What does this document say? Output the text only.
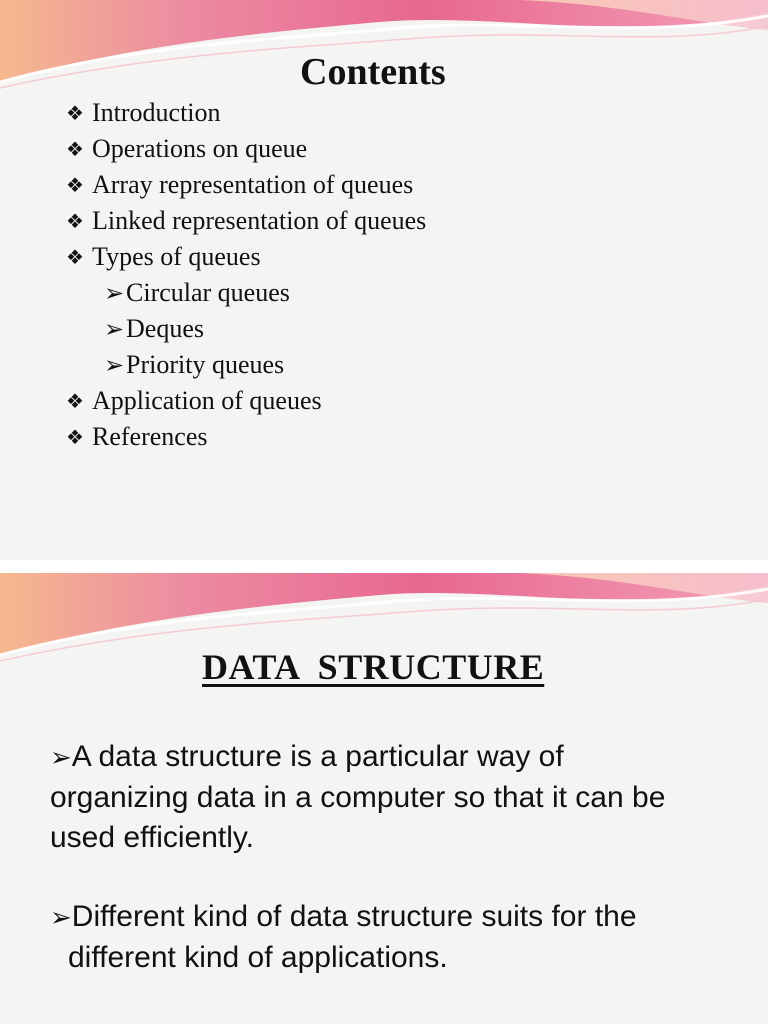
Contents
❖ Introduction
❖ Operations on queue
❖ Array representation of queues
❖ Linked representation of queues
❖ Types of queues
➢Circular queues
➢Deques
➢Priority queues
❖ Application of queues
❖ References
DATA  STRUCTURE

➢A data structure is a particular way of
organizing data in a computer so that it can be
used efficiently.

➢Different kind of data structure suits for the
different kind of applications.
